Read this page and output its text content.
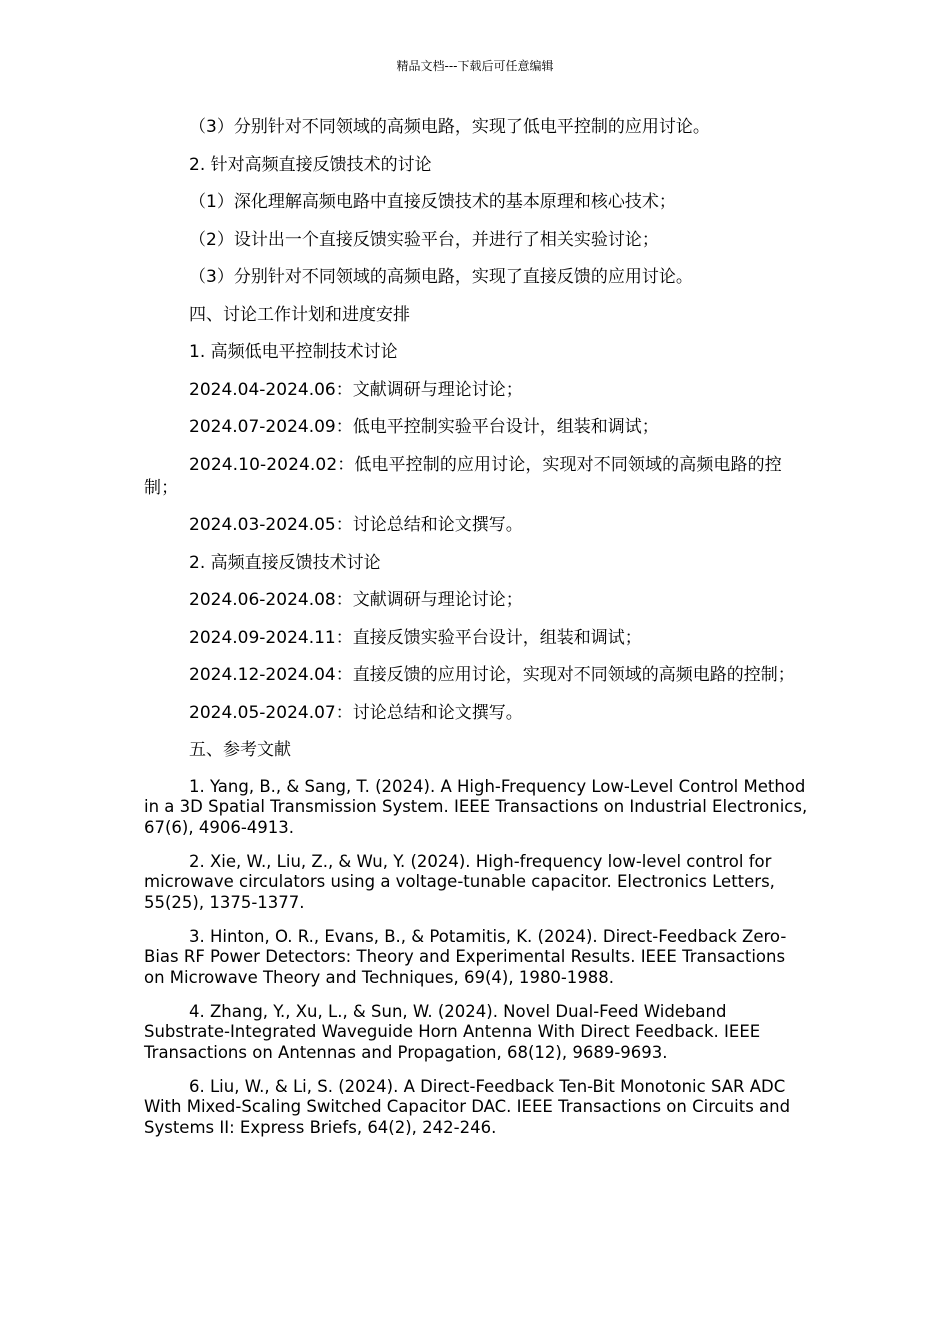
精品文档---下载后可任意编辑
（3）分别针对不同领域的高频电路，实现了低电平控制的应用讨论。
2. 针对高频直接反馈技术的讨论
（1）深化理解高频电路中直接反馈技术的基本原理和核心技术；
（2）设计出一个直接反馈实验平台，并进行了相关实验讨论；
（3）分别针对不同领域的高频电路，实现了直接反馈的应用讨论。
四、讨论工作计划和进度安排
1. 高频低电平控制技术讨论
2024.04-2024.06：文献调研与理论讨论；
2024.07-2024.09：低电平控制实验平台设计，组装和调试；
2024.10-2024.02：低电平控制的应用讨论，实现对不同领域的高频电路的控制；
2024.03-2024.05：讨论总结和论文撰写。
2. 高频直接反馈技术讨论
2024.06-2024.08：文献调研与理论讨论；
2024.09-2024.11：直接反馈实验平台设计，组装和调试；
2024.12-2024.04：直接反馈的应用讨论，实现对不同领域的高频电路的控制；
2024.05-2024.07：讨论总结和论文撰写。
五、参考文献
1. Yang, B., & Sang, T. (2024). A High-Frequency Low-Level Control Method in a 3D Spatial Transmission System. IEEE Transactions on Industrial Electronics, 67(6), 4906-4913.
2. Xie, W., Liu, Z., & Wu, Y. (2024). High-frequency low-level control for microwave circulators using a voltage-tunable capacitor. Electronics Letters, 55(25), 1375-1377.
3. Hinton, O. R., Evans, B., & Potamitis, K. (2024). Direct-Feedback Zero-Bias RF Power Detectors: Theory and Experimental Results. IEEE Transactions on Microwave Theory and Techniques, 69(4), 1980-1988.
4. Zhang, Y., Xu, L., & Sun, W. (2024). Novel Dual-Feed Wideband Substrate-Integrated Waveguide Horn Antenna With Direct Feedback. IEEE Transactions on Antennas and Propagation, 68(12), 9689-9693.
6. Liu, W., & Li, S. (2024). A Direct-Feedback Ten-Bit Monotonic SAR ADC With Mixed-Scaling Switched Capacitor DAC. IEEE Transactions on Circuits and Systems II: Express Briefs, 64(2), 242-246.
